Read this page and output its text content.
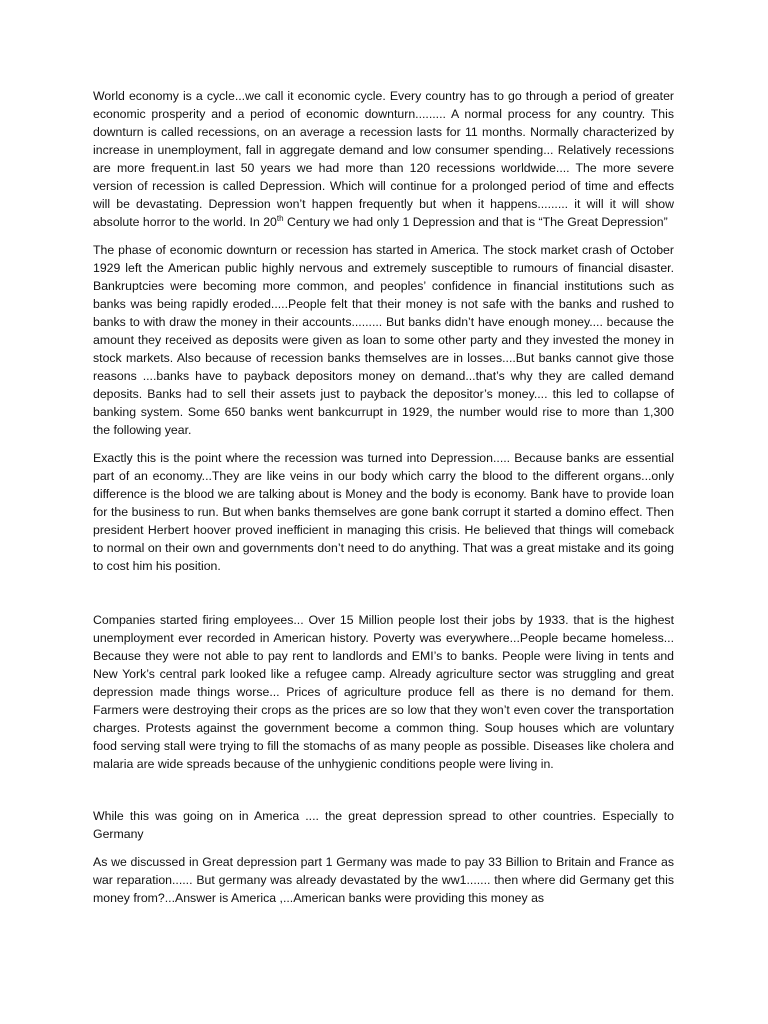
World economy is a cycle...we call it economic cycle. Every country has to go through a period of greater economic prosperity and a period of economic downturn......... A normal process for any country. This downturn is called recessions, on an average a recession lasts for 11 months. Normally characterized by increase in unemployment, fall in aggregate demand and low consumer spending... Relatively recessions are more frequent.in last 50 years we had more than 120 recessions worldwide.... The more severe version of recession is called Depression. Which will continue for a prolonged period of time and effects will be devastating. Depression won’t happen frequently but when it happens......... it will it will show absolute horror to the world. In 20th Century we had only 1 Depression and that is “The Great Depression”

The phase of economic downturn or recession has started in America. The stock market crash of October 1929 left the American public highly nervous and extremely susceptible to rumours of financial disaster. Bankruptcies were becoming more common, and peoples’ confidence in financial institutions such as banks was being rapidly eroded.....People felt that their money is not safe with the banks and rushed to banks to with draw the money in their accounts......... But banks didn’t have enough money.... because the amount they received as deposits were given as loan to some other party and they invested the money in stock markets. Also because of recession banks themselves are in losses....But banks cannot give those reasons ....banks have to payback depositors money on demand...that’s why they are called demand deposits. Banks had to sell their assets just to payback the depositor’s money.... this led to collapse of banking system. Some 650 banks went bankcurrupt in 1929, the number would rise to more than 1,300 the following year.

Exactly this is the point where the recession was turned into Depression..... Because banks are essential part of an economy...They are like veins in our body which carry the blood to the different organs...only difference is the blood we are talking about is Money and the body is economy. Bank have to provide loan for the business to run. But when banks themselves are gone bank corrupt it started a domino effect. Then president Herbert hoover proved inefficient in managing this crisis. He believed that things will comeback to normal on their own and governments don’t need to do anything. That was a great mistake and its going to cost him his position.

Companies started firing employees... Over 15 Million people lost their jobs by 1933. that is the highest unemployment ever recorded in American history. Poverty was everywhere...People became homeless... Because they were not able to pay rent to landlords and EMI’s to banks. People were living in tents and New York’s central park looked like a refugee camp. Already agriculture sector was struggling and great depression made things worse... Prices of agriculture produce fell as there is no demand for them. Farmers were destroying their crops as the prices are so low that they won’t even cover the transportation charges. Protests against the government become a common thing. Soup houses which are voluntary food serving stall were trying to fill the stomachs of as many people as possible. Diseases like cholera and malaria are wide spreads because of the unhygienic conditions people were living in.

While this was going on in America .... the great depression spread to other countries. Especially to Germany

As we discussed in Great depression part 1 Germany was made to pay 33 Billion to Britain and France as war reparation...... But germany was already devastated by the ww1....... then where did Germany get this money from?...Answer is America ,...American banks were providing this money as
